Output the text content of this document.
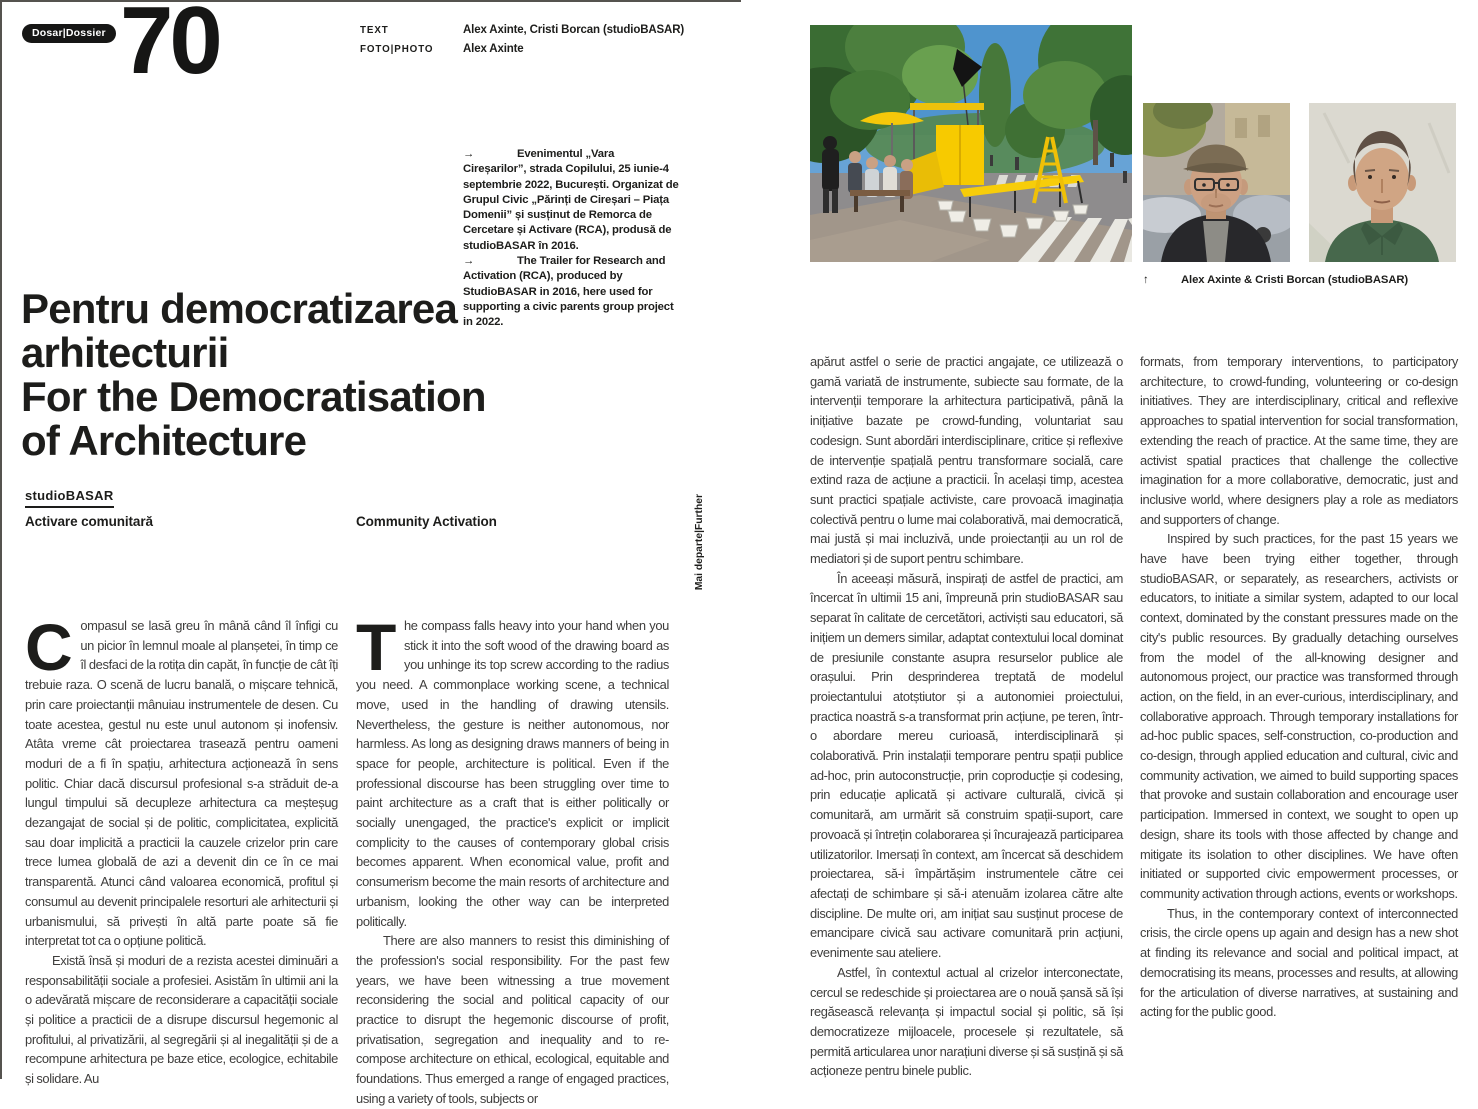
Dosar|Dossier 70	TEXT	Alex Axinte, Cristi Borcan (studioBASAR)
FOTO|PHOTO	Alex Axinte

→	Evenimentul „Vara Cireșarilor”, strada Copilului, 25 iunie-4 septembrie 2022, București. Organizat de Grupul Civic „Părinți de Cireșari – Piața Domenii” și susținut de Remorca de Cercetare și Activare (RCA), produsă de studioBASAR în 2016.

→	The Trailer for Research and Activation (RCA), produced by StudioBASAR in 2016, here used for supporting a civic parents group project in 2022.

Pentru democratizarea
arhitecturii
For the Democratisation
of Architecture
studioBASAR
Activare comunitară	Community Activation	Mai departe|Further
↑	Alex Axinte & Cristi Borcan (studioBASAR)

Compasul se lasă greu în mână când îl înfigi cu un picior în lemnul moale al planșetei, în timp ce îl desfaci de la rotița din capăt, în funcție de cât îți trebuie raza. O scenă de lucru banală, o mișcare tehnică, prin care proiectanții mânuiau instrumentele de desen. Cu toate acestea, gestul nu este unul autonom și inofensiv. Atâta vreme cât proiectarea trasează pentru oameni moduri de a fi în spațiu, arhitectura acționează în sens politic. Chiar dacă discursul profesional s-a străduit de-a lungul timpului să decupleze arhitectura ca meșteșug dezangajat de social și de politic, complicitatea, explicită sau doar implicită a practicii la cauzele crizelor prin care trece lumea globală de azi a devenit din ce în ce mai transparentă. Atunci când valoarea economică, profitul și consumul au devenit principalele resorturi ale arhitecturii și urbanismului, să privești în altă parte poate să fie interpretat tot ca o opțiune politică.

Există însă și moduri de a rezista acestei diminuări a responsabilității sociale a profesiei. Asistăm în ultimii ani la o adevărată mișcare de reconsiderare a capacității sociale și politice a practicii de a disrupe discursul hegemonic al profitului, al privatizării, al segregării și al inegalității și de a recompune arhitectura pe baze etice, ecologice, echitabile și solidare. Au

The compass falls heavy into your hand when you stick it into the soft wood of the drawing board as you unhinge its top screw according to the radius you need. A commonplace working scene, a technical move, used in the handling of drawing utensils. Nevertheless, the gesture is neither autonomous, nor harmless. As long as designing draws manners of being in space for people, architecture is political. Even if the professional discourse has been struggling over time to paint architecture as a craft that is either politically or socially unengaged, the practice's explicit or implicit complicity to the causes of contemporary global crisis becomes apparent. When economical value, profit and consumerism become the main resorts of architecture and urbanism, looking the other way can be interpreted politically.

There are also manners to resist this diminishing of the profession's social responsibility. For the past few years, we have been witnessing a true movement reconsidering the social and political capacity of our practice to disrupt the hegemonic discourse of profit, privatisation, segregation and inequality and to re-compose architecture on ethical, ecological, equitable and foundations. Thus emerged a range of engaged practices, using a variety of tools, subjects or

apărut astfel o serie de practici angajate, ce utilizează o gamă variată de instrumente, subiecte sau formate, de la intervenții temporare la arhitectura participativă, până la inițiative bazate pe crowd-funding, voluntariat sau codesign. Sunt abordări interdisciplinare, critice și reflexive de intervenție spațială pentru transformare socială, care extind raza de acțiune a practicii. În același timp, acestea sunt practici spațiale activiste, care provoacă imaginația colectivă pentru o lume mai colaborativă, mai democratică, mai justă și mai incluzivă, unde proiectanții au un rol de mediatori și de suport pentru schimbare.

În aceeași măsură, inspirați de astfel de practici, am încercat în ultimii 15 ani, împreună prin studioBASAR sau separat în calitate de cercetători, activiști sau educatori, să inițiem un demers similar, adaptat contextului local dominat de presiunile constante asupra resurselor publice ale orașului. Prin desprinderea treptată de modelul proiectantului atotștiutor și a autonomiei proiectului, practica noastră s-a transformat prin acțiune, pe teren, într-o abordare mereu curioasă, interdisciplinară și colaborativă. Prin instalații temporare pentru spații publice ad-hoc, prin autoconstrucție, prin coproducție și codesing, prin educație aplicată și activare culturală, civică și comunitară, am urmărit să construim spații-suport, care provoacă și întrețin colaborarea și încurajează participarea utilizatorilor. Imersați în context, am încercat să deschidem proiectarea, să-i împărtășim instrumentele către cei afectați de schimbare și să-i atenuăm izolarea către alte discipline. De multe ori, am inițiat sau susținut procese de emancipare civică sau activare comunitară prin acțiuni, evenimente sau ateliere.

Astfel, în contextul actual al crizelor interconectate, cercul se redeschide și proiectarea are o nouă șansă să își regăsească relevanța și impactul social și politic, să își democratizeze mijloacele, procesele și rezultatele, să permită articularea unor narațiuni diverse și să susțină și să acționeze pentru binele public.

formats, from temporary interventions, to participatory architecture, to crowd-funding, volunteering or co-design initiatives. They are interdisciplinary, critical and reflexive approaches to spatial intervention for social transformation, extending the reach of practice. At the same time, they are activist spatial practices that challenge the collective imagination for a more collaborative, democratic, just and inclusive world, where designers play a role as mediators and supporters of change.

Inspired by such practices, for the past 15 years we have have been trying either together, through studioBASAR, or separately, as researchers, activists or educators, to initiate a similar system, adapted to our local context, dominated by the constant pressures made on the city's public resources. By gradually detaching ourselves from the model of the all-knowing designer and autonomous project, our practice was transformed through action, on the field, in an ever-curious, interdisciplinary, and collaborative approach. Through temporary installations for ad-hoc public spaces, self-construction, co-production and co-design, through applied education and cultural, civic and community activation, we aimed to build supporting spaces that provoke and sustain collaboration and encourage user participation. Immersed in context, we sought to open up design, share its tools with those affected by change and mitigate its isolation to other disciplines. We have often initiated or supported civic empowerment processes, or community activation through actions, events or workshops.

Thus, in the contemporary context of interconnected crisis, the circle opens up again and design has a new shot at finding its relevance and social and political impact, at democratising its means, processes and results, at allowing for the articulation of diverse narratives, at sustaining and acting for the public good.
